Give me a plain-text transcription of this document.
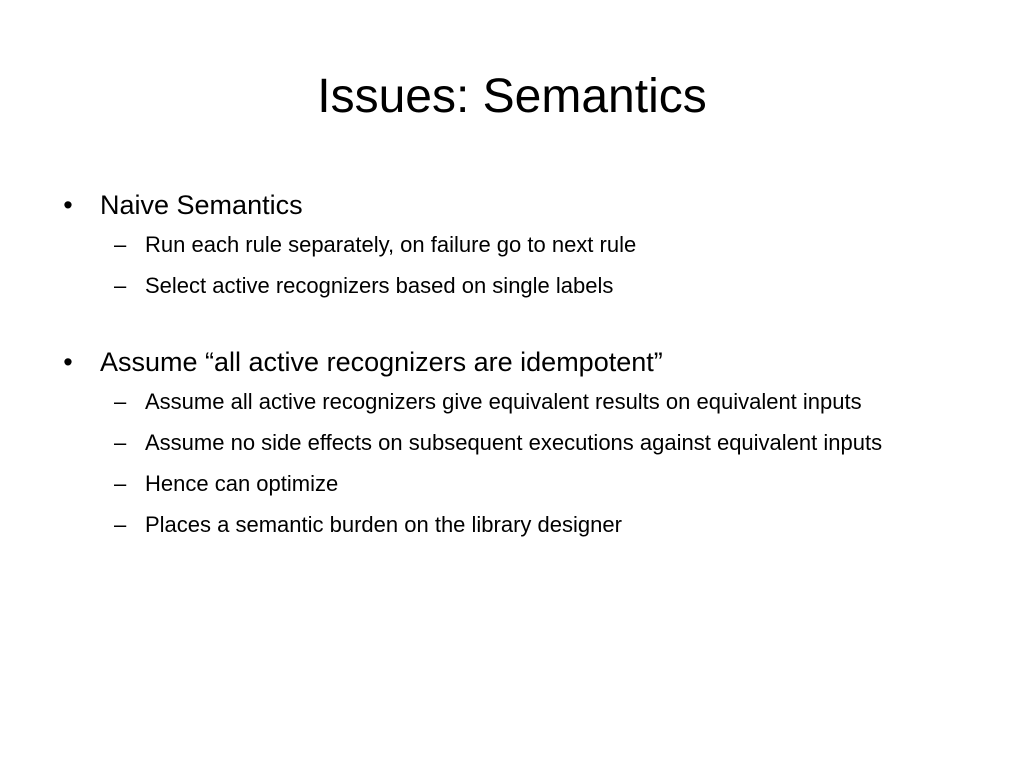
Issues: Semantics
• Naive Semantics
– Run each rule separately, on failure go to next rule
– Select active recognizers based on single labels
• Assume “all active recognizers are idempotent”
– Assume all active recognizers give equivalent results on equivalent inputs
– Assume no side effects on subsequent executions against equivalent inputs
– Hence can optimize
– Places a semantic burden on the library designer
